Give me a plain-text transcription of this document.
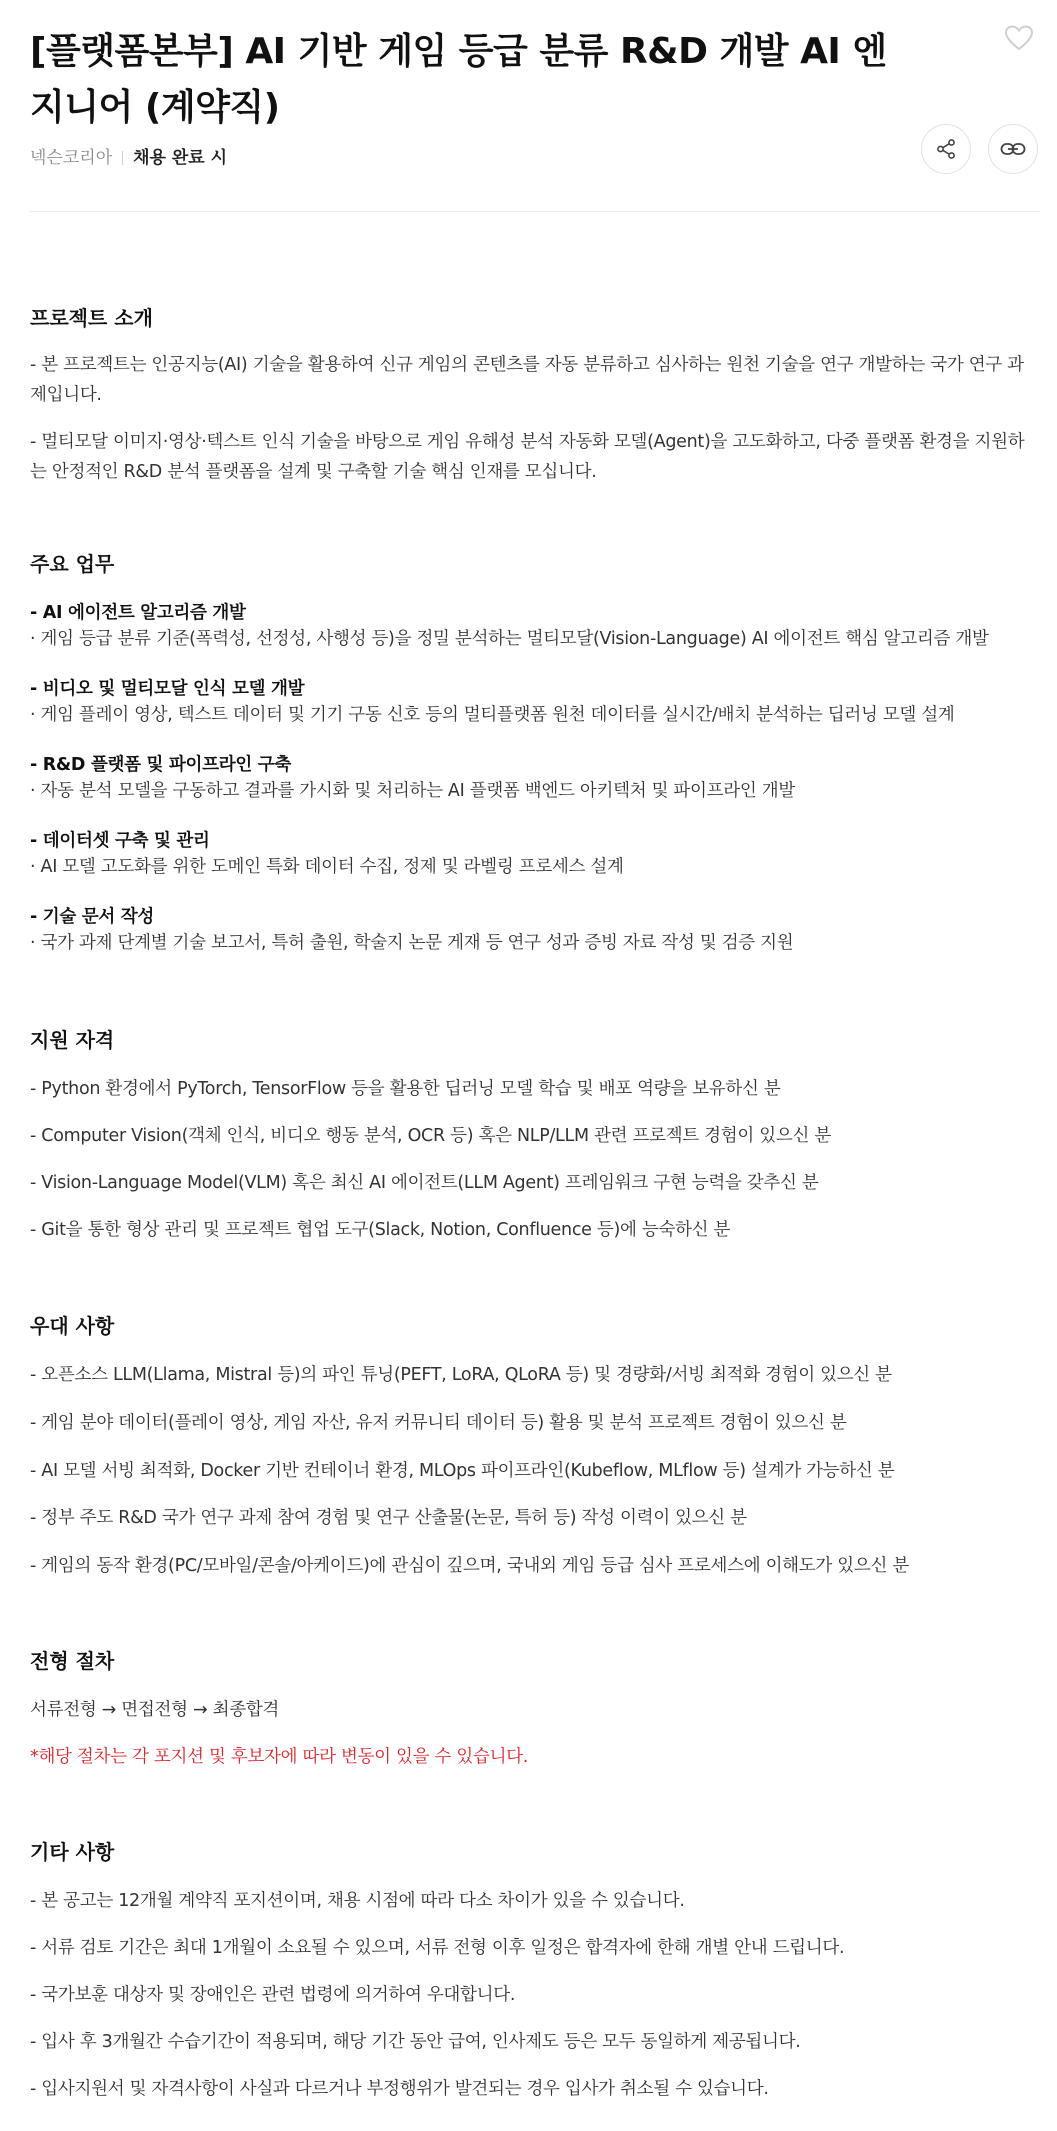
[플랫폼본부] AI 기반 게임 등급 분류 R&D 개발 AI 엔지니어 (계약직)
넥슨코리아 채용 완료 시
프로젝트 소개

- 본 프로젝트는 인공지능(AI) 기술을 활용하여 신규 게임의 콘텐츠를 자동 분류하고 심사하는 원천 기술을 연구 개발하는 국가 연구 과제입니다.

- 멀티모달 이미지·영상·텍스트 인식 기술을 바탕으로 게임 유해성 분석 자동화 모델(Agent)을 고도화하고, 다중 플랫폼 환경을 지원하는 안정적인 R&D 분석 플랫폼을 설계 및 구축할 기술 핵심 인재를 모십니다.

주요 업무

- AI 에이전트 알고리즘 개발

· 게임 등급 분류 기준(폭력성, 선정성, 사행성 등)을 정밀 분석하는 멀티모달(Vision-Language) AI 에이전트 핵심 알고리즘 개발

- 비디오 및 멀티모달 인식 모델 개발

· 게임 플레이 영상, 텍스트 데이터 및 기기 구동 신호 등의 멀티플랫폼 원천 데이터를 실시간/배치 분석하는 딥러닝 모델 설계

- R&D 플랫폼 및 파이프라인 구축

· 자동 분석 모델을 구동하고 결과를 가시화 및 처리하는 AI 플랫폼 백엔드 아키텍처 및 파이프라인 개발

- 데이터셋 구축 및 관리

· AI 모델 고도화를 위한 도메인 특화 데이터 수집, 정제 및 라벨링 프로세스 설계

- 기술 문서 작성

· 국가 과제 단계별 기술 보고서, 특허 출원, 학술지 논문 게재 등 연구 성과 증빙 자료 작성 및 검증 지원

지원 자격

- Python 환경에서 PyTorch, TensorFlow 등을 활용한 딥러닝 모델 학습 및 배포 역량을 보유하신 분

- Computer Vision(객체 인식, 비디오 행동 분석, OCR 등) 혹은 NLP/LLM 관련 프로젝트 경험이 있으신 분

- Vision-Language Model(VLM) 혹은 최신 AI 에이전트(LLM Agent) 프레임워크 구현 능력을 갖추신 분

- Git을 통한 형상 관리 및 프로젝트 협업 도구(Slack, Notion, Confluence 등)에 능숙하신 분

우대 사항

- 오픈소스 LLM(Llama, Mistral 등)의 파인 튜닝(PEFT, LoRA, QLoRA 등) 및 경량화/서빙 최적화 경험이 있으신 분

- 게임 분야 데이터(플레이 영상, 게임 자산, 유저 커뮤니티 데이터 등) 활용 및 분석 프로젝트 경험이 있으신 분

- AI 모델 서빙 최적화, Docker 기반 컨테이너 환경, MLOps 파이프라인(Kubeflow, MLflow 등) 설계가 가능하신 분

- 정부 주도 R&D 국가 연구 과제 참여 경험 및 연구 산출물(논문, 특허 등) 작성 이력이 있으신 분

- 게임의 동작 환경(PC/모바일/콘솔/아케이드)에 관심이 깊으며, 국내외 게임 등급 심사 프로세스에 이해도가 있으신 분

전형 절차

서류전형 → 면접전형 → 최종합격

*해당 절차는 각 포지션 및 후보자에 따라 변동이 있을 수 있습니다.

기타 사항

- 본 공고는 12개월 계약직 포지션이며, 채용 시점에 따라 다소 차이가 있을 수 있습니다.

- 서류 검토 기간은 최대 1개월이 소요될 수 있으며, 서류 전형 이후 일정은 합격자에 한해 개별 안내 드립니다.

- 국가보훈 대상자 및 장애인은 관련 법령에 의거하여 우대합니다.

- 입사 후 3개월간 수습기간이 적용되며, 해당 기간 동안 급여, 인사제도 등은 모두 동일하게 제공됩니다.

- 입사지원서 및 자격사항이 사실과 다르거나 부정행위가 발견되는 경우 입사가 취소될 수 있습니다.
